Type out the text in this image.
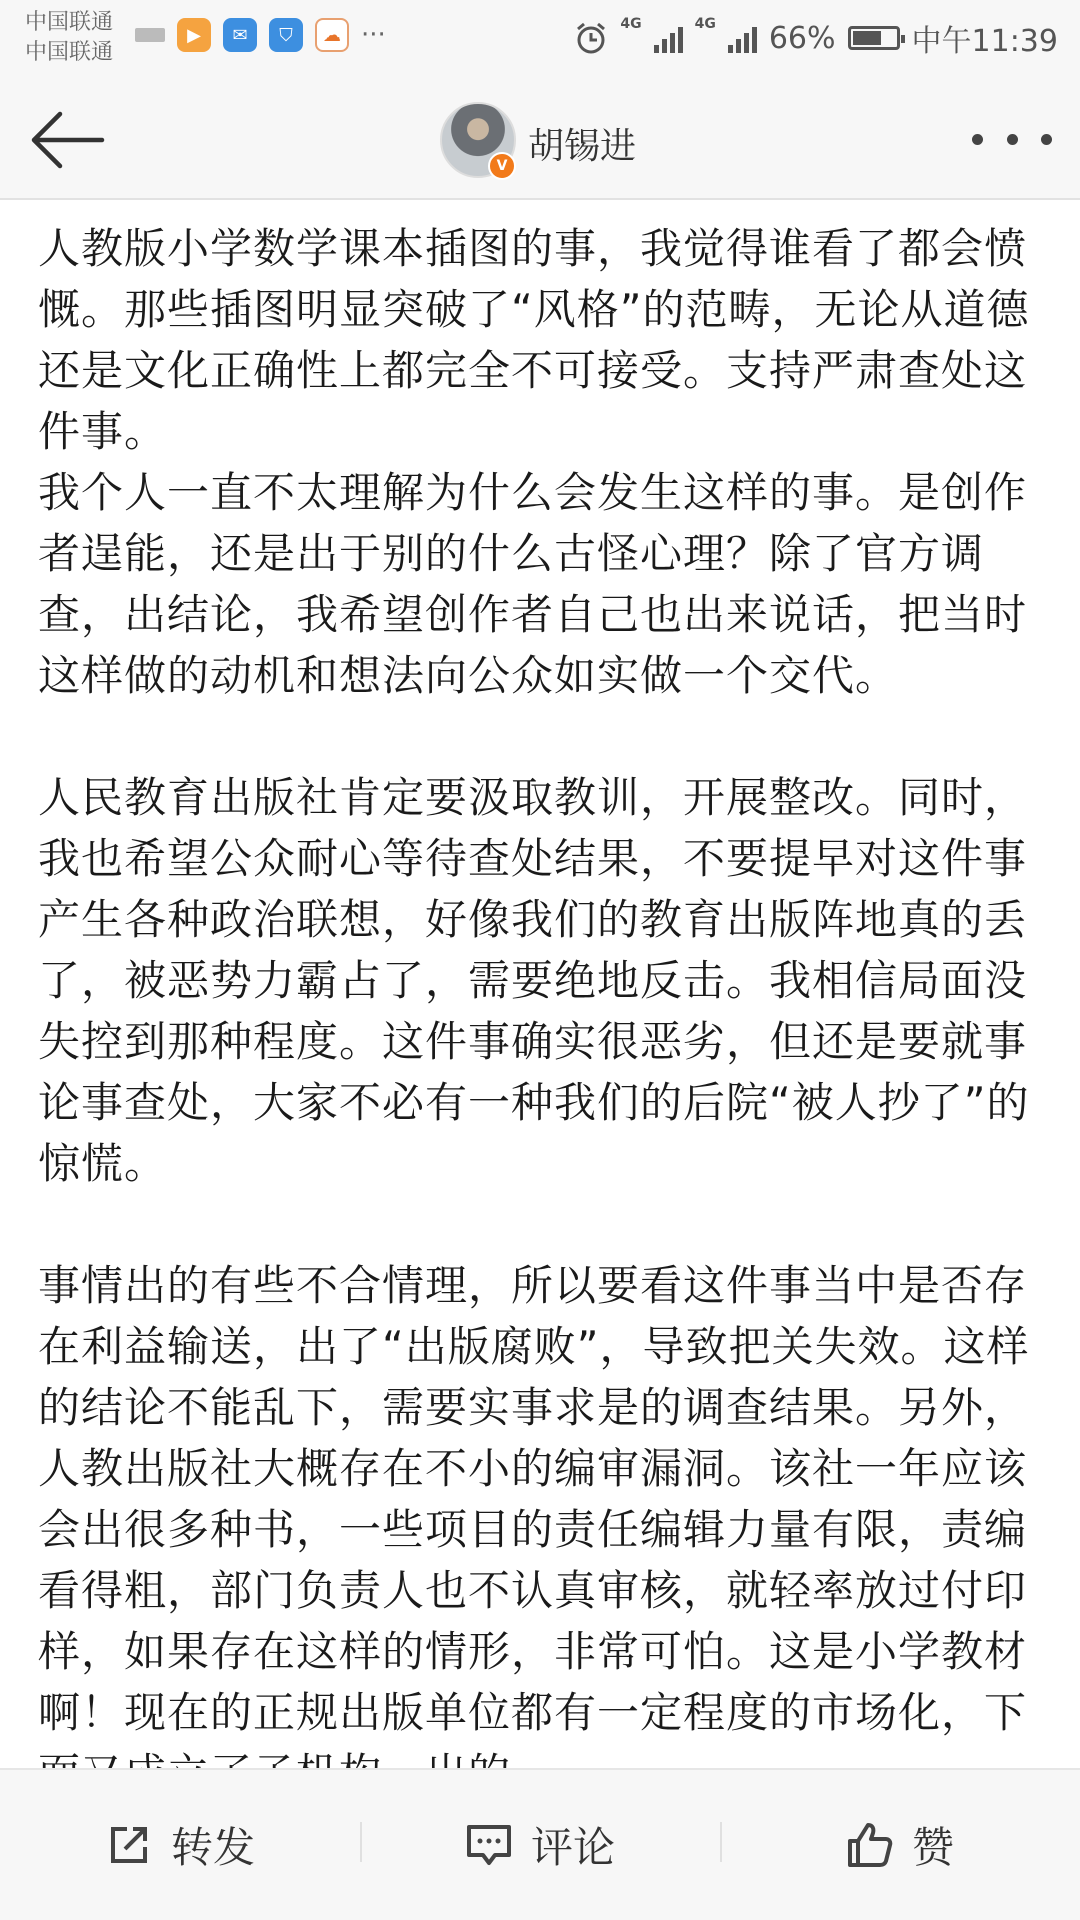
中国联通
中国联通
▶	✉	⛉	☁ ···	4G	4G 66%	中午11:39
V 胡锡进

人教版小学数学课本插图的事，我觉得谁看了都会愤慨。那些插图明显突破了“风格”的范畴，无论从道德还是文化正确性上都完全不可接受。支持严肃查处这件事。

我个人一直不太理解为什么会发生这样的事。是创作者逞能，还是出于别的什么古怪心理？除了官方调查，出结论，我希望创作者自己也出来说话，把当时这样做的动机和想法向公众如实做一个交代。

人民教育出版社肯定要汲取教训，开展整改。同时，我也希望公众耐心等待查处结果，不要提早对这件事产生各种政治联想，好像我们的教育出版阵地真的丢了，被恶势力霸占了，需要绝地反击。我相信局面没失控到那种程度。这件事确实很恶劣，但还是要就事论事查处，大家不必有一种我们的后院“被人抄了”的惊慌。

事情出的有些不合情理，所以要看这件事当中是否存在利益输送，出了“出版腐败”，导致把关失效。这样的结论不能乱下，需要实事求是的调查结果。另外，人教出版社大概存在不小的编审漏洞。该社一年应该会出很多种书，一些项目的责任编辑力量有限，责编看得粗，部门负责人也不认真审核，就轻率放过付印样，如果存在这样的情形，非常可怕。这是小学教材啊！现在的正规出版单位都有一定程度的市场化，下

转发	评论	赞
